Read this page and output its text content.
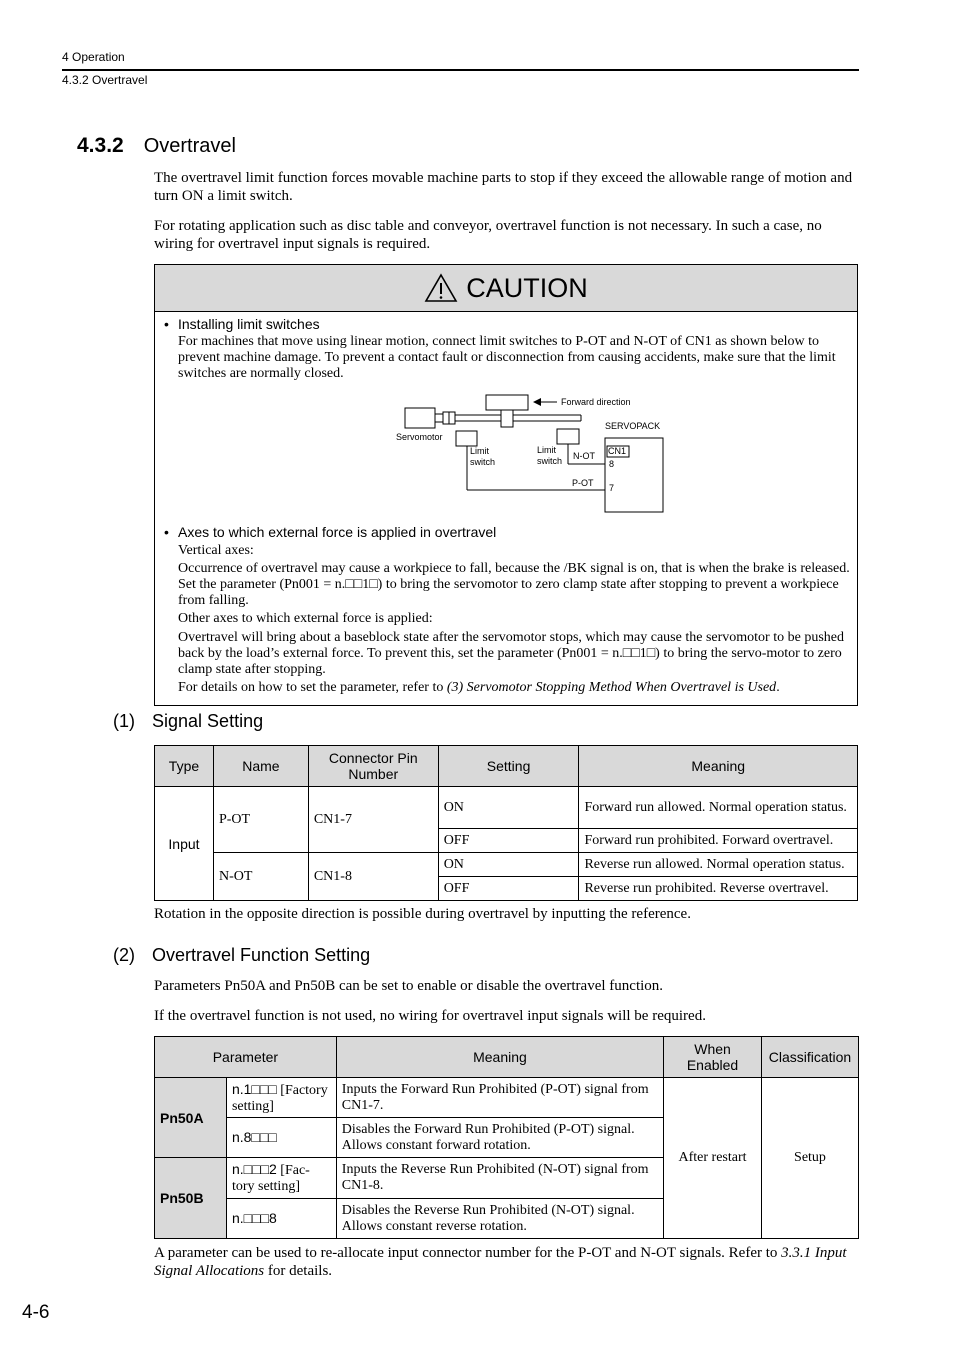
4 Operation
4.3.2 Overtravel
4.3.2 Overtravel
The overtravel limit function forces movable machine parts to stop if they exceed the allowable range of motion and turn ON a limit switch.
For rotating application such as disc table and conveyor, overtravel function is not necessary. In such a case, no wiring for overtravel input signals is required.
CAUTION
• Installing limit switches
For machines that move using linear motion, connect limit switches to P-OT and N-OT of CN1 as shown below to prevent machine damage. To prevent a contact fault or disconnection from causing accidents, make sure that the limit switches are normally closed.
Forward direction
SERVOPACK
Servomotor
Limit switch
Limit switch
CN1
N-OT
8
P-OT 7
• Axes to which external force is applied in overtravel
Vertical axes:
Occurrence of overtravel may cause a workpiece to fall, because the /BK signal is on, that is when the brake is released. Set the parameter (Pn001 = n.□□1□) to bring the servomotor to zero clamp state after stopping to prevent a workpiece from falling.
Other axes to which external force is applied:
Overtravel will bring about a baseblock state after the servomotor stops, which may cause the servomotor to be pushed back by the load’s external force. To prevent this, set the parameter (Pn001 = n.□□1□) to bring the servo-motor to zero clamp state after stopping.
For details on how to set the parameter, refer to (3) Servomotor Stopping Method When Overtravel is Used.
(1) Signal Setting
Type	Name	Connector Pin Number	Setting	Meaning
Input	P-OT	CN1-7	ON	Forward run allowed. Normal operation status.
			OFF	Forward run prohibited. Forward overtravel.
	N-OT	CN1-8	ON	Reverse run allowed. Normal operation status.
			OFF	Reverse run prohibited. Reverse overtravel.
Rotation in the opposite direction is possible during overtravel by inputting the reference.
(2) Overtravel Function Setting
Parameters Pn50A and Pn50B can be set to enable or disable the overtravel function.
If the overtravel function is not used, no wiring for overtravel input signals will be required.
Parameter		Meaning	When Enabled	Classification
Pn50A	n.1□□□ [Factory setting]	Inputs the Forward Run Prohibited (P-OT) signal from CN1-7.	After restart	Setup
	n.8□□□	Disables the Forward Run Prohibited (P-OT) signal. Allows constant forward rotation.		
Pn50B	n.□□□2 [Fac-tory setting]	Inputs the Reverse Run Prohibited (N-OT) signal from CN1-8.		
	n.□□□8	Disables the Reverse Run Prohibited (N-OT) signal. Allows constant reverse rotation.		
A parameter can be used to re-allocate input connector number for the P-OT and N-OT signals. Refer to 3.3.1 Input Signal Allocations for details.
4-6
